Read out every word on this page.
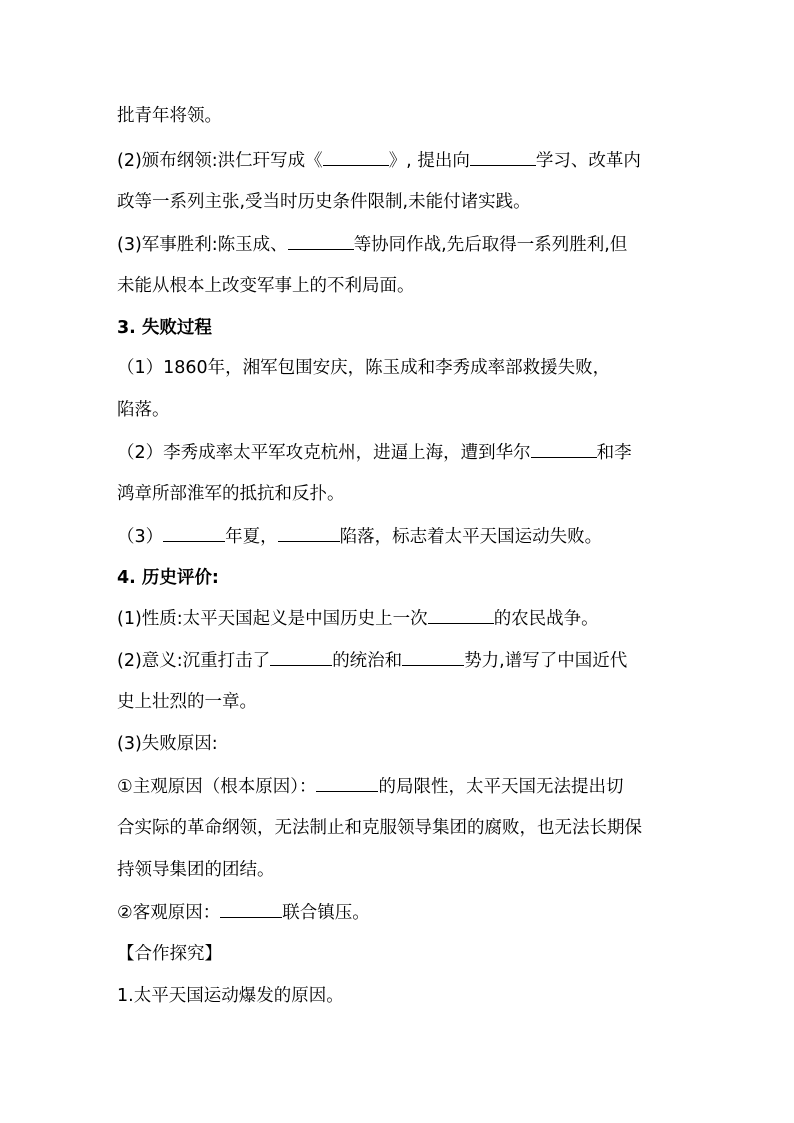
批青年将领。
(2)颁布纲领:洪仁玕写成《	》, 提出向	学习、改革内
政等一系列主张,受当时历史条件限制,未能付诸实践。
(3)军事胜利:陈玉成、	等协同作战,先后取得一系列胜利,但
未能从根本上改变军事上的不利局面。
3. 失败过程
（1）1860年，湘军包围安庆，陈玉成和李秀成率部救援失败，
陷落。
（2）李秀成率太平军攻克杭州，进逼上海，遭到华尔	和李
鸿章所部淮军的抵抗和反扑。
（3）	年夏，	陷落，标志着太平天国运动失败。
4. 历史评价:
(1)性质:太平天国起义是中国历史上一次	的农民战争。
(2)意义:沉重打击了	的统治和	势力,谱写了中国近代
史上壮烈的一章。
(3)失败原因:
①主观原因（根本原因）：	的局限性，太平天国无法提出切
合实际的革命纲领，无法制止和克服领导集团的腐败，也无法长期保
持领导集团的团结。
②客观原因：	联合镇压。
【合作探究】
1.太平天国运动爆发的原因。
